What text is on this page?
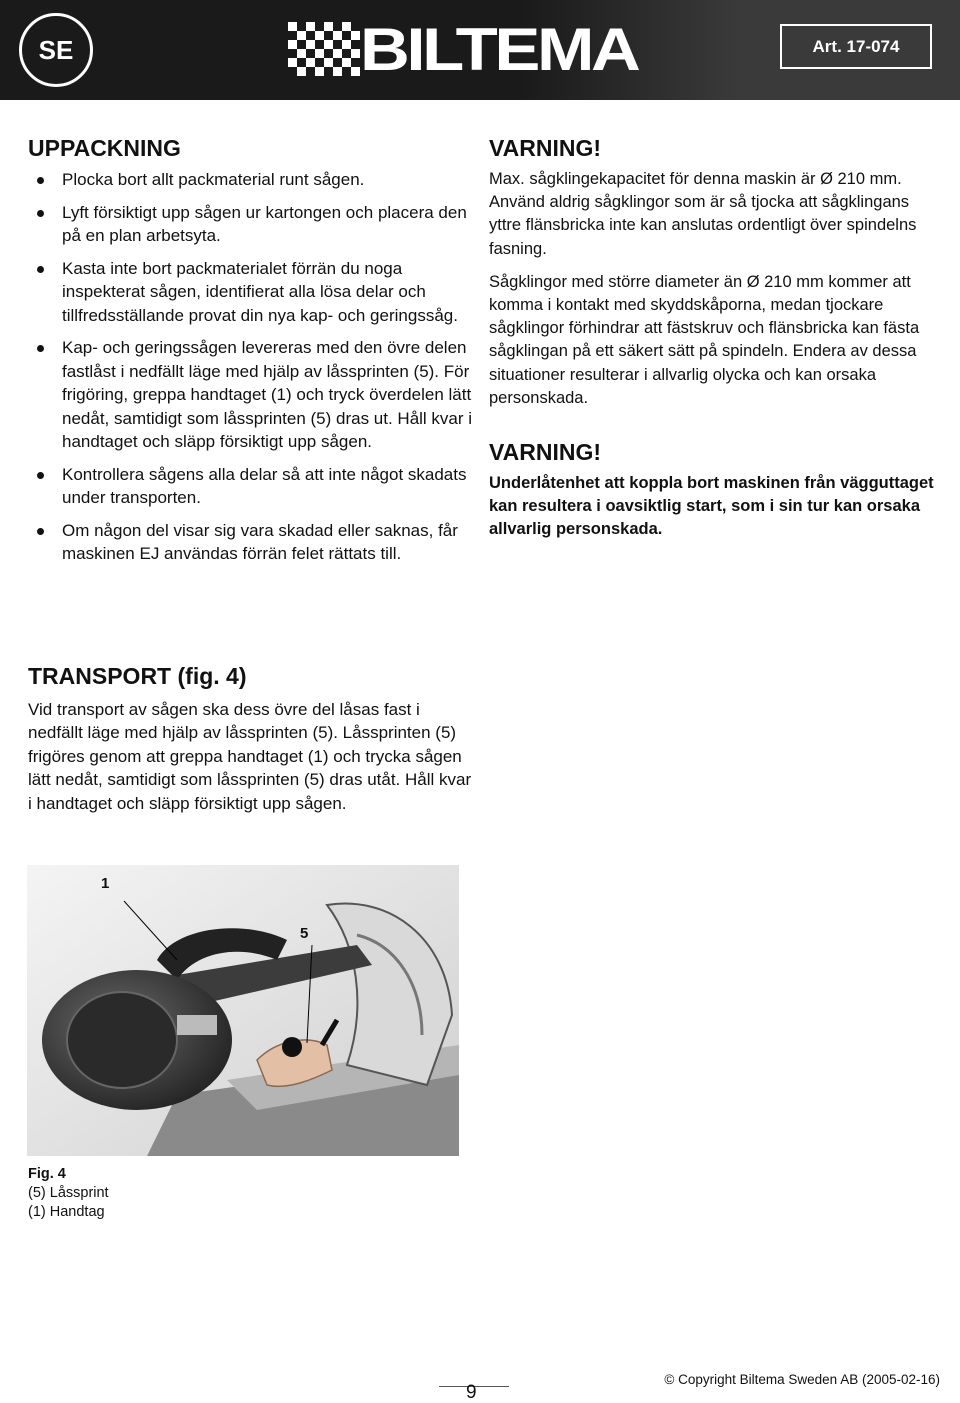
SE	BILTEMA	Art. 17-074
UPPACKNING
Plocka bort allt packmaterial runt sågen.
Lyft försiktigt upp sågen ur kartongen och placera den på en plan arbetsyta.
Kasta inte bort packmaterialet förrän du noga inspekterat sågen, identifierat alla lösa delar och tillfredsställande provat din nya kap- och geringssåg.
Kap- och geringssågen levereras med den övre delen fastlåst i nedfällt läge med hjälp av låssprinten (5). För frigöring, greppa handtaget (1) och tryck överdelen lätt nedåt, samtidigt som låssprinten (5) dras ut. Håll kvar i handtaget och släpp försiktigt upp sågen.
Kontrollera sågens alla delar så att inte något skadats under transporten.
Om någon del visar sig vara skadad eller saknas, får maskinen EJ användas förrän felet rättats till.
VARNING!

Max. sågklingekapacitet för denna maskin är Ø 210 mm. Använd aldrig sågklingor som är så tjocka att sågklingans yttre flänsbricka inte kan anslutas ordentligt över spindelns fasning.

Sågklingor med större diameter än Ø 210 mm kommer att komma i kontakt med skyddskåporna, medan tjockare sågklingor förhindrar att fästskruv och flänsbricka kan fästa sågklingan på ett säkert sätt på spindeln. Endera av dessa situationer resulterar i allvarlig olycka och kan orsaka personskada.

VARNING!

Underlåtenhet att koppla bort maskinen från vägguttaget kan resultera i oavsiktlig start, som i sin tur kan orsaka allvarlig personskada.

TRANSPORT (fig. 4)

Vid transport av sågen ska dess övre del låsas fast i nedfällt läge med hjälp av låssprinten (5). Låssprinten (5) frigöres genom att greppa handtaget (1) och trycka sågen lätt nedåt, samtidigt som låssprinten (5) dras utåt. Håll kvar i handtaget och släpp försiktigt upp sågen.

1
5
Fig. 4
(5) Låssprint
(1) Handtag
9
© Copyright Biltema Sweden AB (2005-02-16)
